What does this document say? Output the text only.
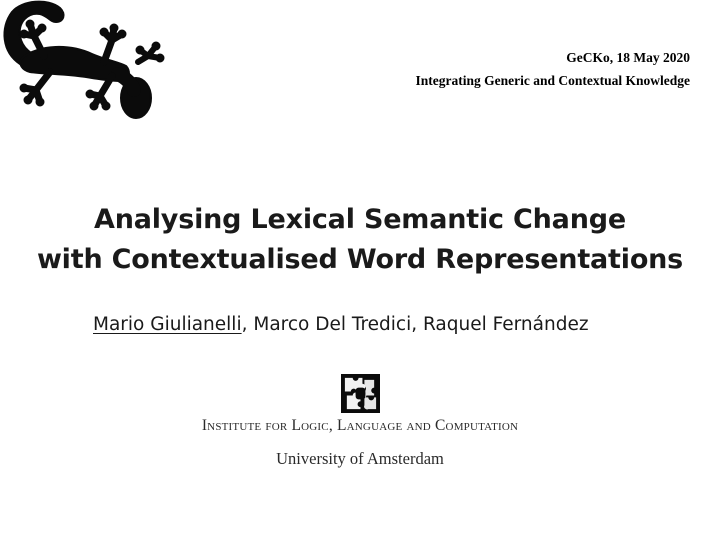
GeCKo, 18 May 2020
Integrating Generic and Contextual Knowledge
Analysing Lexical Semantic Change
with Contextualised Word Representations
Mario Giulianelli, Marco Del Tredici, Raquel Fernández
Institute for Logic, Language and Computation
University of Amsterdam
